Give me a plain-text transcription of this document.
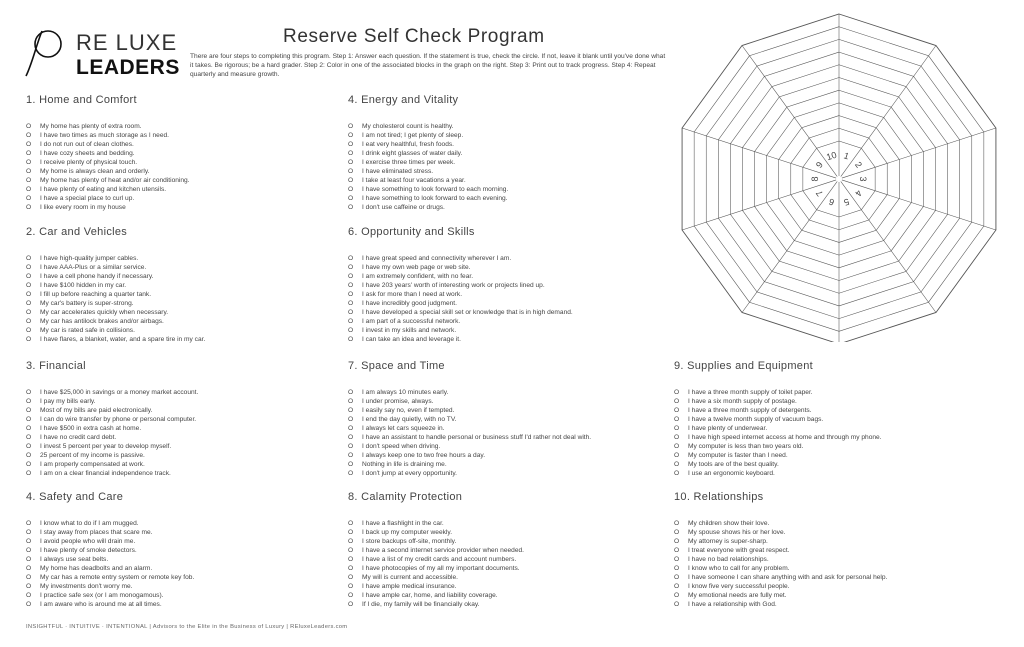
RE LUXE
LEADERS
Reserve Self Check Program

There are four steps to completing this program. Step 1: Answer each question. If the statement is true, check the circle. If not, leave it blank until you've done what it takes. Be rigorous; be a hard grader. Step 2: Color in one of the associated blocks in the graph on the right. Step 3: Print out to track progress. Step 4: Repeat quarterly and measure growth.

1. Home and Comfort
O My home has plenty of extra room.
O I have two times as much storage as I need.
O I do not run out of clean clothes.
O I have cozy sheets and bedding.
O I receive plenty of physical touch.
O My home is always clean and orderly.
O My home has plenty of heat and/or air conditioning.
O I have plenty of eating and kitchen utensils.
O I have a special place to curl up.
O I like every room in my house
2. Car and Vehicles
O I have high-quality jumper cables.
O I have AAA-Plus or a similar service.
O I have a cell phone handy if necessary.
O I have $100 hidden in my car.
O I fill up before reaching a quarter tank.
O My car's battery is super-strong.
O My car accelerates quickly when necessary.
O My car has antilock brakes and/or airbags.
O My car is rated safe in collisions.
O I have flares, a blanket, water, and a spare tire in my car.
3. Financial
O I have $25,000 in savings or a money market account.
O I pay my bills early.
O Most of my bills are paid electronically.
O I can do wire transfer by phone or personal computer.
O I have $500 in extra cash at home.
O I have no credit card debt.
O I invest 5 percent per year to develop myself.
O 25 percent of my income is passive.
O I am properly compensated at work.
O I am on a clear financial independence track.
4. Safety and Care
O I know what to do if I am mugged.
O I stay away from places that scare me.
O I avoid people who will drain me.
O I have plenty of smoke detectors.
O I always use seat belts.
O My home has deadbolts and an alarm.
O My car has a remote entry system or remote key fob.
O My investments don't worry me.
O I practice safe sex (or I am monogamous).
O I am aware who is around me at all times.
4. Energy and Vitality
O My cholesterol count is healthy.
O I am not tired; I get plenty of sleep.
O I eat very healthful, fresh foods.
O I drink eight glasses of water daily.
O I exercise three times per week.
O I have eliminated stress.
O I take at least four vacations a year.
O I have something to look forward to each morning.
O I have something to look forward to each evening.
O I don't use caffeine or drugs.
6. Opportunity and Skills
O I have great speed and connectivity wherever I am.
O I have my own web page or web site.
O I am extremely confident, with no fear.
O I have 203 years' worth of interesting work or projects lined up.
O I ask for more than I need at work.
O I have incredibly good judgment.
O I have developed a special skill set or knowledge that is in high demand.
O I am part of a successful network.
O I invest in my skills and network.
O I can take an idea and leverage it.
7. Space and Time
O I am always 10 minutes early.
O I under promise, always.
O I easily say no, even if tempted.
O I end the day quietly, with no TV.
O I always let cars squeeze in.
O I have an assistant to handle personal or business stuff I'd rather not deal with.
O I don't speed when driving.
O I always keep one to two free hours a day.
O Nothing in life is draining me.
O I don't jump at every opportunity.
8. Calamity Protection
O I have a flashlight in the car.
O I back up my computer weekly.
O I store backups off-site, monthly.
O I have a second internet service provider when needed.
O I have a list of my credit cards and account numbers.
O I have photocopies of my all my important documents.
O My will is current and accessible.
O I have ample medical insurance.
O I have ample car, home, and liability coverage.
O If I die, my family will be financially okay.
9. Supplies and Equipment
O I have a three month supply of toilet paper.
O I have a six month supply of postage.
O I have a three month supply of detergents.
O I have a twelve month supply of vacuum bags.
O I have plenty of underwear.
O I have high speed internet access at home and through my phone.
O My computer is less than two years old.
O My computer is faster than I need.
O My tools are of the best quality.
O I use an ergonomic keyboard.
10. Relationships
O My children show their love.
O My spouse shows his or her love.
O My attorney is super-sharp.
O I treat everyone with great respect.
O I have no bad relationships.
O I know who to call for any problem.
O I have someone I can share anything with and ask for personal help.
O I know five very successful people.
O My emotional needs are fully met.
O I have a relationship with God.
1
2
3
4
5
6
7
8
9
10
INSIGHTFUL · INTUITIVE · INTENTIONAL | Advisors to the Elite in the Business of Luxury | REluxeLeaders.com
